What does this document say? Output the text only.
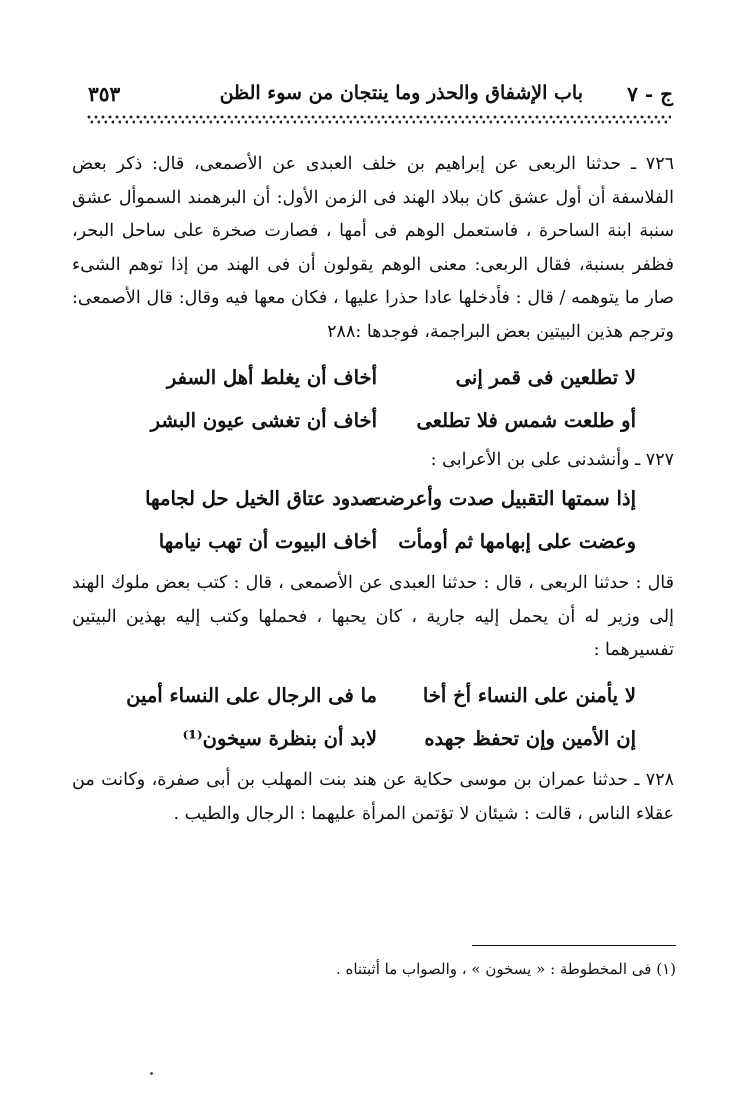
ج - ٧
باب الإشفاق والحذر وما ينتجان من سوء الظن
٣٥٣

٧٢٦ ـ حدثنا الربعى عن إبراهيم بن خلف العبدى عن الأصمعى، قال: ذكر بعض الفلاسفة أن أول عشق كان ببلاد الهند فى الزمن الأول: أن البرهمند السموأل عشق سنبة ابنة الساحرة ، فاستعمل الوهم فى أمها ، فصارت صخرة على ساحل البحر، فظفر بسنبة، فقال الربعى: معنى الوهم يقولون أن فى الهند من إذا توهم الشىء صار ما يتوهمه / قال : فأدخلها عادا حذرا عليها ، فكان معها فيه وقال: قال الأصمعى: وترجم هذين البيتين بعض البراجمة، فوجدها :٢٨٨

لا تطلعين فى قمر إنى
أخاف أن يغلط أهل السفر
أو طلعت شمس فلا تطلعى
أخاف أن تغشى عيون البشر

٧٢٧ ـ وأنشدنى على بن الأعرابى :

إذا سمتها التقبيل صدت وأعرضت
صدود عتاق الخيل حل لجامها
وعضت على إبهامها ثم أومأت
أخاف البيوت أن تهب نيامها

قال : حدثنا الربعى ، قال : حدثنا العبدى عن الأصمعى ، قال : كتب بعض ملوك الهند إلى وزير له أن يحمل إليه جارية ، كان يحبها ، فحملها وكتب إليه بهذين البيتين تفسيرهما :

لا يأمنن على النساء أخ أخا
ما فى الرجال على النساء أمين
إن الأمين وإن تحفظ جهده
لابد أن بنظرة سيخون⁽¹⁾

٧٢٨ ـ حدثنا عمران بن موسى حكاية عن هند بنت المهلب بن أبى صفرة، وكانت من عقلاء الناس ، قالت : شيئان لا تؤتمن المرأة عليهما : الرجال والطيب .

(١) فى المخطوطة : « يسخون » ، والصواب ما أثبتناه .
